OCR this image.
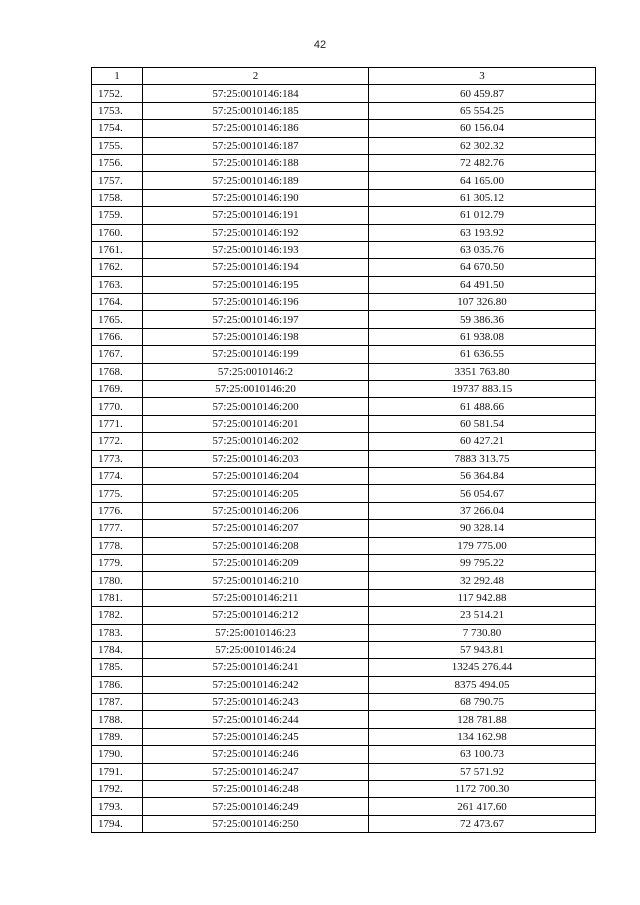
42
1	2	3
1752.	57:25:0010146:184	60 459.87
1753.	57:25:0010146:185	65 554.25
1754.	57:25:0010146:186	60 156.04
1755.	57:25:0010146:187	62 302.32
1756.	57:25:0010146:188	72 482.76
1757.	57:25:0010146:189	64 165.00
1758.	57:25:0010146:190	61 305.12
1759.	57:25:0010146:191	61 012.79
1760.	57:25:0010146:192	63 193.92
1761.	57:25:0010146:193	63 035.76
1762.	57:25:0010146:194	64 670.50
1763.	57:25:0010146:195	64 491.50
1764.	57:25:0010146:196	107 326.80
1765.	57:25:0010146:197	59 386.36
1766.	57:25:0010146:198	61 938.08
1767.	57:25:0010146:199	61 636.55
1768.	57:25:0010146:2	3351 763.80
1769.	57:25:0010146:20	19737 883.15
1770.	57:25:0010146:200	61 488.66
1771.	57:25:0010146:201	60 581.54
1772.	57:25:0010146:202	60 427.21
1773.	57:25:0010146:203	7883 313.75
1774.	57:25:0010146:204	56 364.84
1775.	57:25:0010146:205	56 054.67
1776.	57:25:0010146:206	37 266.04
1777.	57:25:0010146:207	90 328.14
1778.	57:25:0010146:208	179 775.00
1779.	57:25:0010146:209	99 795.22
1780.	57:25:0010146:210	32 292.48
1781.	57:25:0010146:211	117 942.88
1782.	57:25:0010146:212	23 514.21
1783.	57:25:0010146:23	7 730.80
1784.	57:25:0010146:24	57 943.81
1785.	57:25:0010146:241	13245 276.44
1786.	57:25:0010146:242	8375 494.05
1787.	57:25:0010146:243	68 790.75
1788.	57:25:0010146:244	128 781.88
1789.	57:25:0010146:245	134 162.98
1790.	57:25:0010146:246	63 100.73
1791.	57:25:0010146:247	57 571.92
1792.	57:25:0010146:248	1172 700.30
1793.	57:25:0010146:249	261 417.60
1794.	57:25:0010146:250	72 473.67
